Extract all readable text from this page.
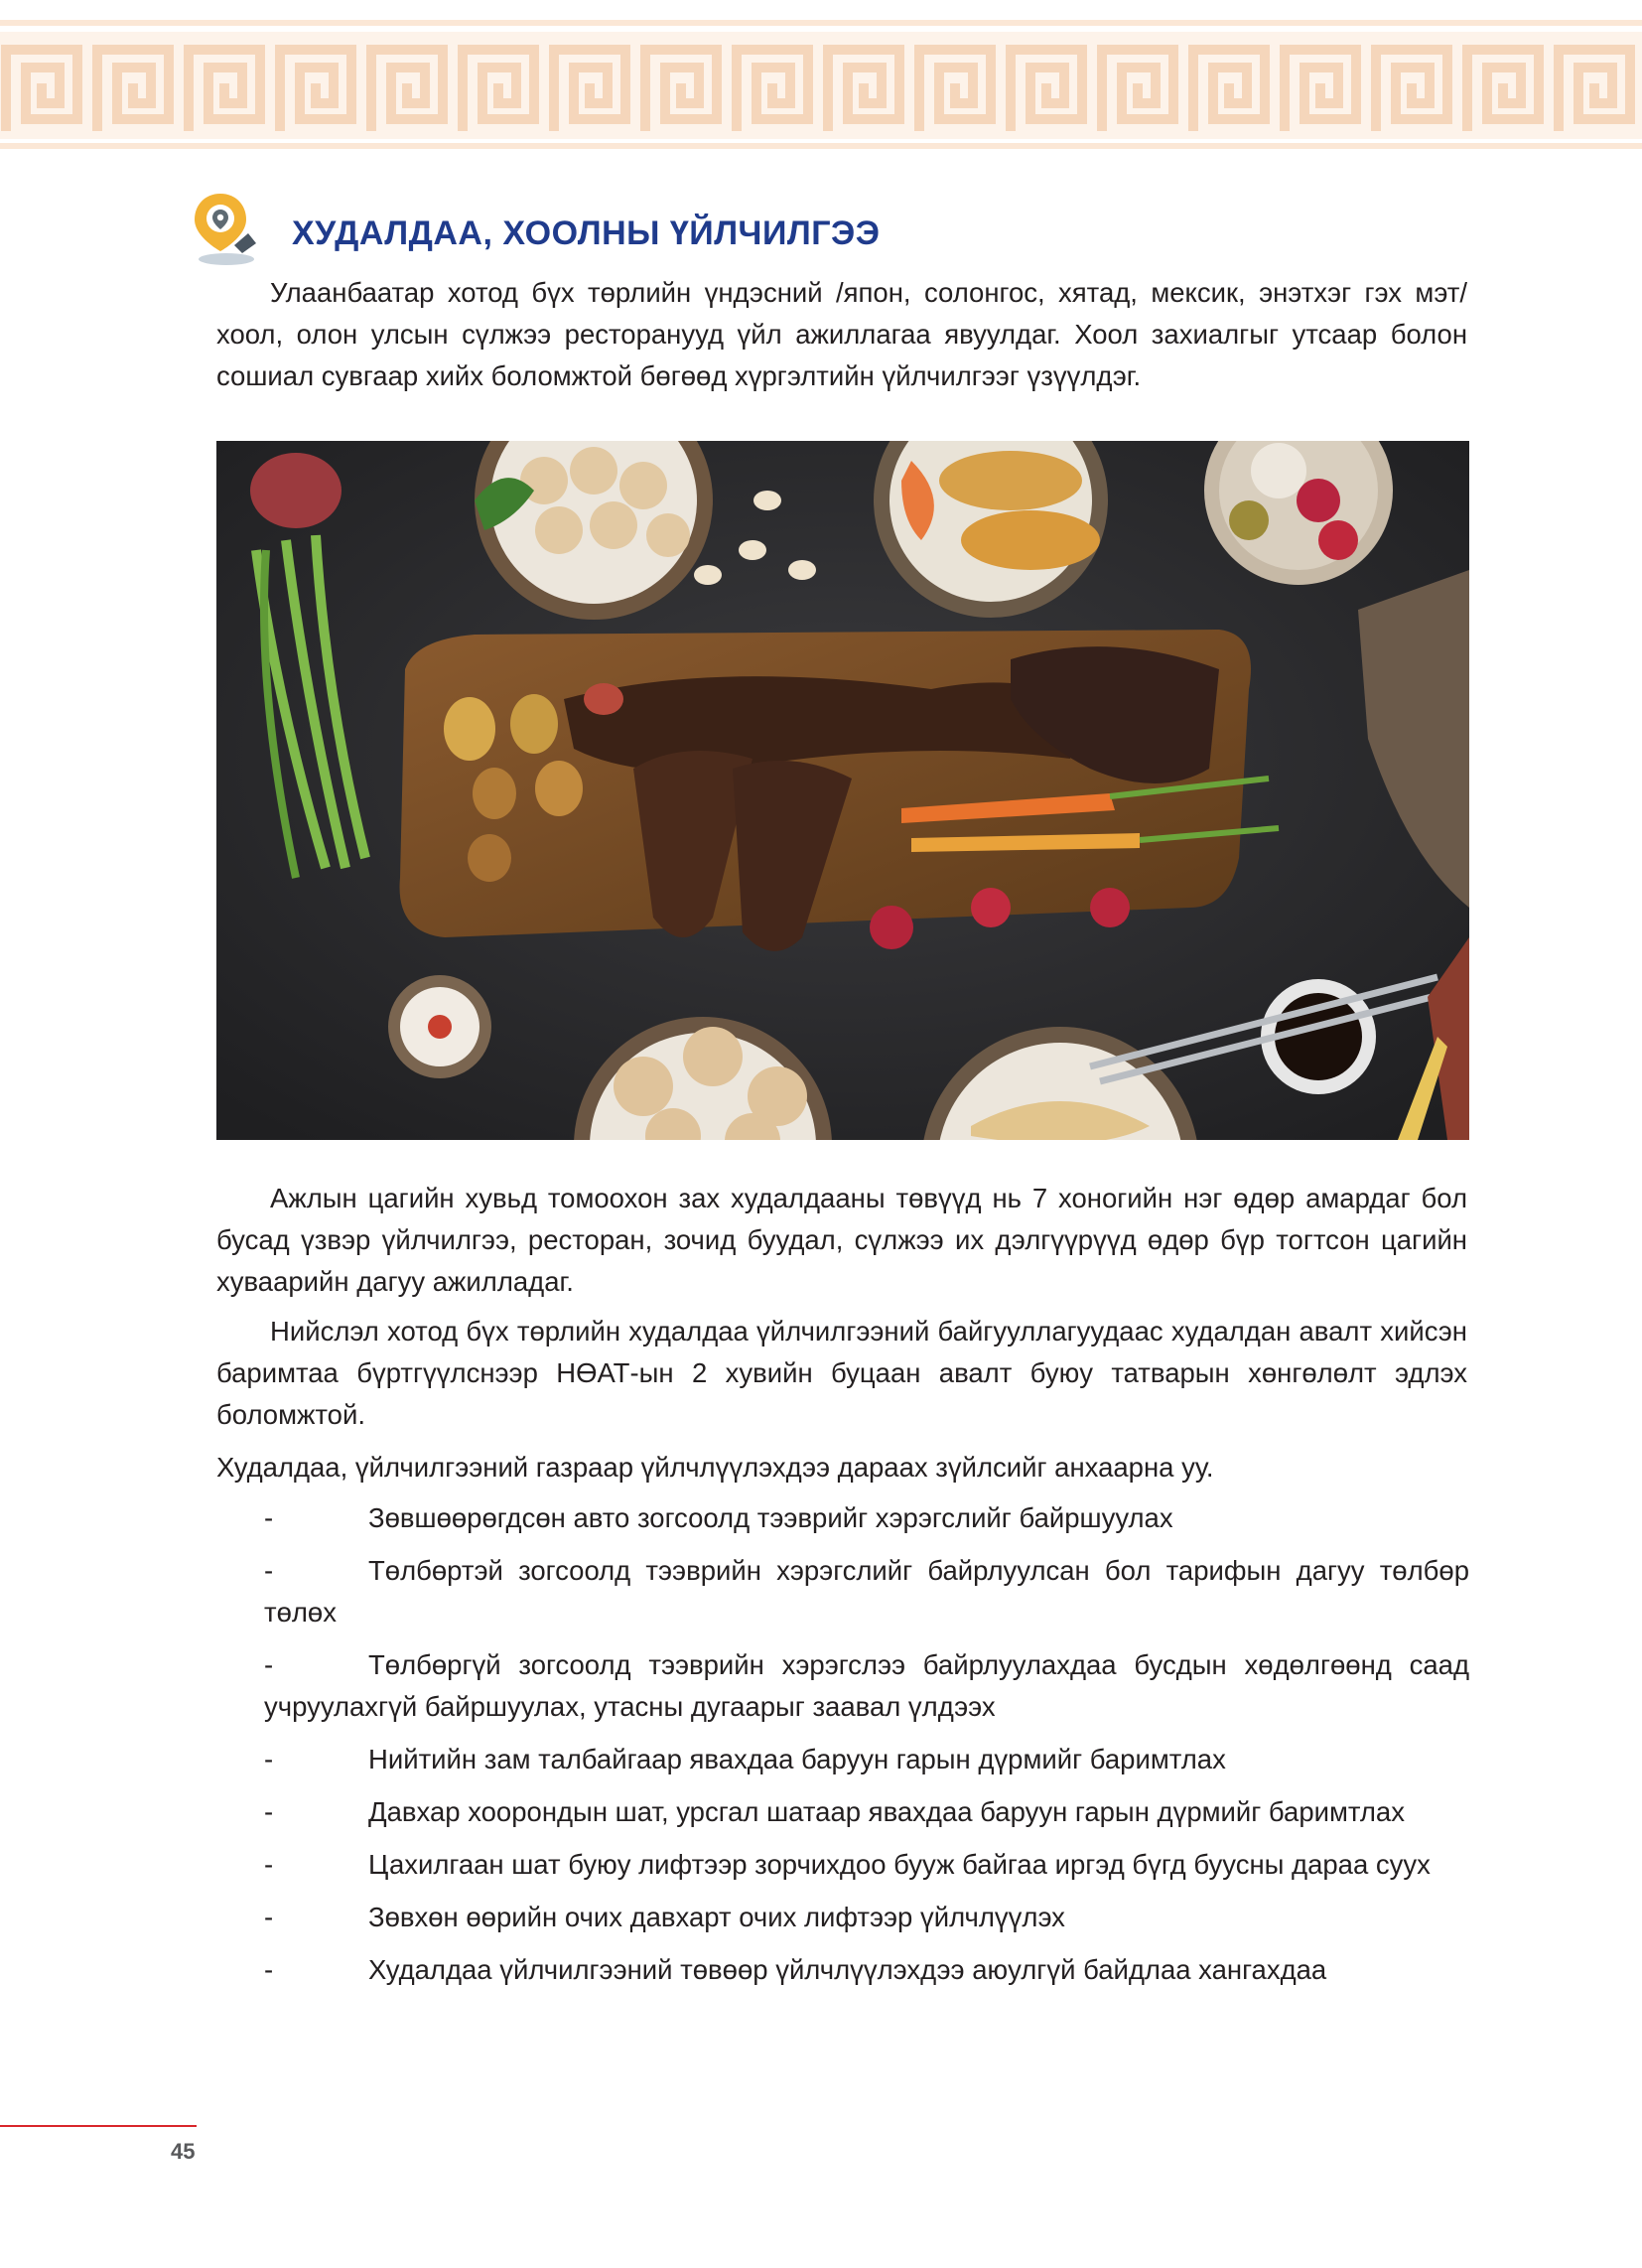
ХУДАЛДАА, ХООЛНЫ ҮЙЛЧИЛГЭЭ

Улаанбаатар хотод бүх төрлийн үндэсний /япон, солонгос, хятад, мексик, энэтхэг гэх мэт/ хоол, олон улсын сүлжээ ресторанууд үйл ажиллагаа явуулдаг. Хоол захиалгыг утсаар болон сошиал сувгаар хийх боломжтой бөгөөд хүргэлтийн үйлчилгээг үзүүлдэг.

Ажлын цагийн хувьд томоохон зах худалдааны төвүүд нь 7 хоногийн нэг өдөр амардаг бол бусад үзвэр үйлчилгээ, ресторан, зочид буудал, сүлжээ их дэлгүүрүүд өдөр бүр тогтсон цагийн хуваарийн дагуу ажилладаг.

Нийслэл хотод бүх төрлийн худалдаа үйлчилгээний байгууллагуудаас худалдан авалт хийсэн баримтаа бүртгүүлснээр НӨАТ-ын 2 хувийн буцаан авалт буюу татварын хөнгөлөлт эдлэх боломжтой.

Худалдаа, үйлчилгээний газраар үйлчлүүлэхдээ дараах зүйлсийг анхаарна уу.

-	Зөвшөөрөгдсөн авто зогсоолд тээврийг хэрэгслийг байршуулах
-	Төлбөртэй зогсоолд тээврийн хэрэгслийг байрлуулсан бол тарифын дагуу төлбөр төлөх
-	Төлбөргүй зогсоолд тээврийн хэрэгслээ байрлуулахдаа бусдын хөдөлгөөнд саад учруулахгүй байршуулах, утасны дугаарыг заавал үлдээх
-	Нийтийн зам талбайгаар явахдаа баруун гарын дүрмийг баримтлах
-	Давхар хоорондын шат, урсгал шатаар явахдаа баруун гарын дүрмийг баримтлах
-	Цахилгаан шат буюу лифтээр зорчихдоо бууж байгаа иргэд бүгд буусны дараа суух
-	Зөвхөн өөрийн очих давхарт очих лифтээр үйлчлүүлэх
-	Худалдаа үйлчилгээний төвөөр үйлчлүүлэхдээ аюулгүй байдлаа хангахдаа
45
